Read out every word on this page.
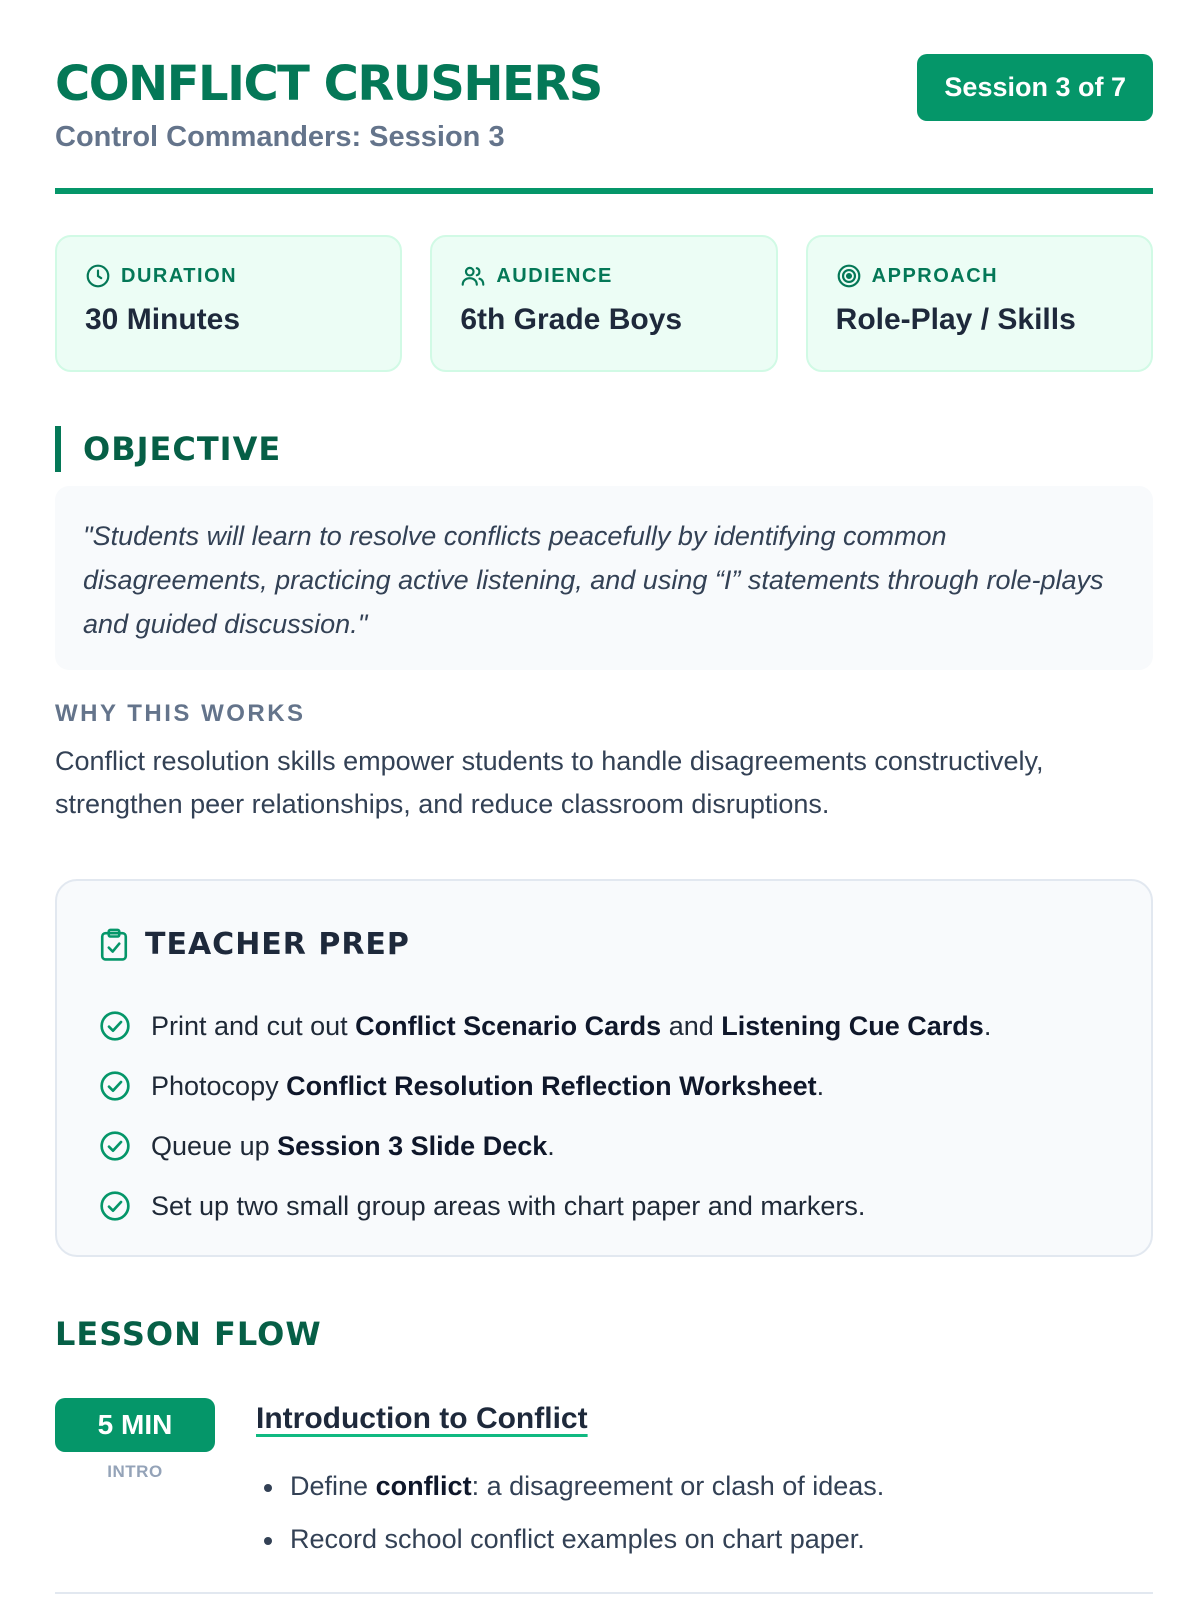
CONFLICT CRUSHERS
Control Commanders: Session 3
Session 3 of 7
DURATION
30 Minutes
AUDIENCE
6th Grade Boys
APPROACH
Role-Play / Skills
OBJECTIVE
"Students will learn to resolve conflicts peacefully by identifying common disagreements, practicing active listening, and using “I” statements through role-plays and guided discussion."
WHY THIS WORKS
Conflict resolution skills empower students to handle disagreements constructively, strengthen peer relationships, and reduce classroom disruptions.
TEACHER PREP
Print and cut out Conflict Scenario Cards and Listening Cue Cards.
Photocopy Conflict Resolution Reflection Worksheet.
Queue up Session 3 Slide Deck.
Set up two small group areas with chart paper and markers.
LESSON FLOW
5 MIN
INTRO
Introduction to Conflict
Define conflict: a disagreement or clash of ideas.
Record school conflict examples on chart paper.
